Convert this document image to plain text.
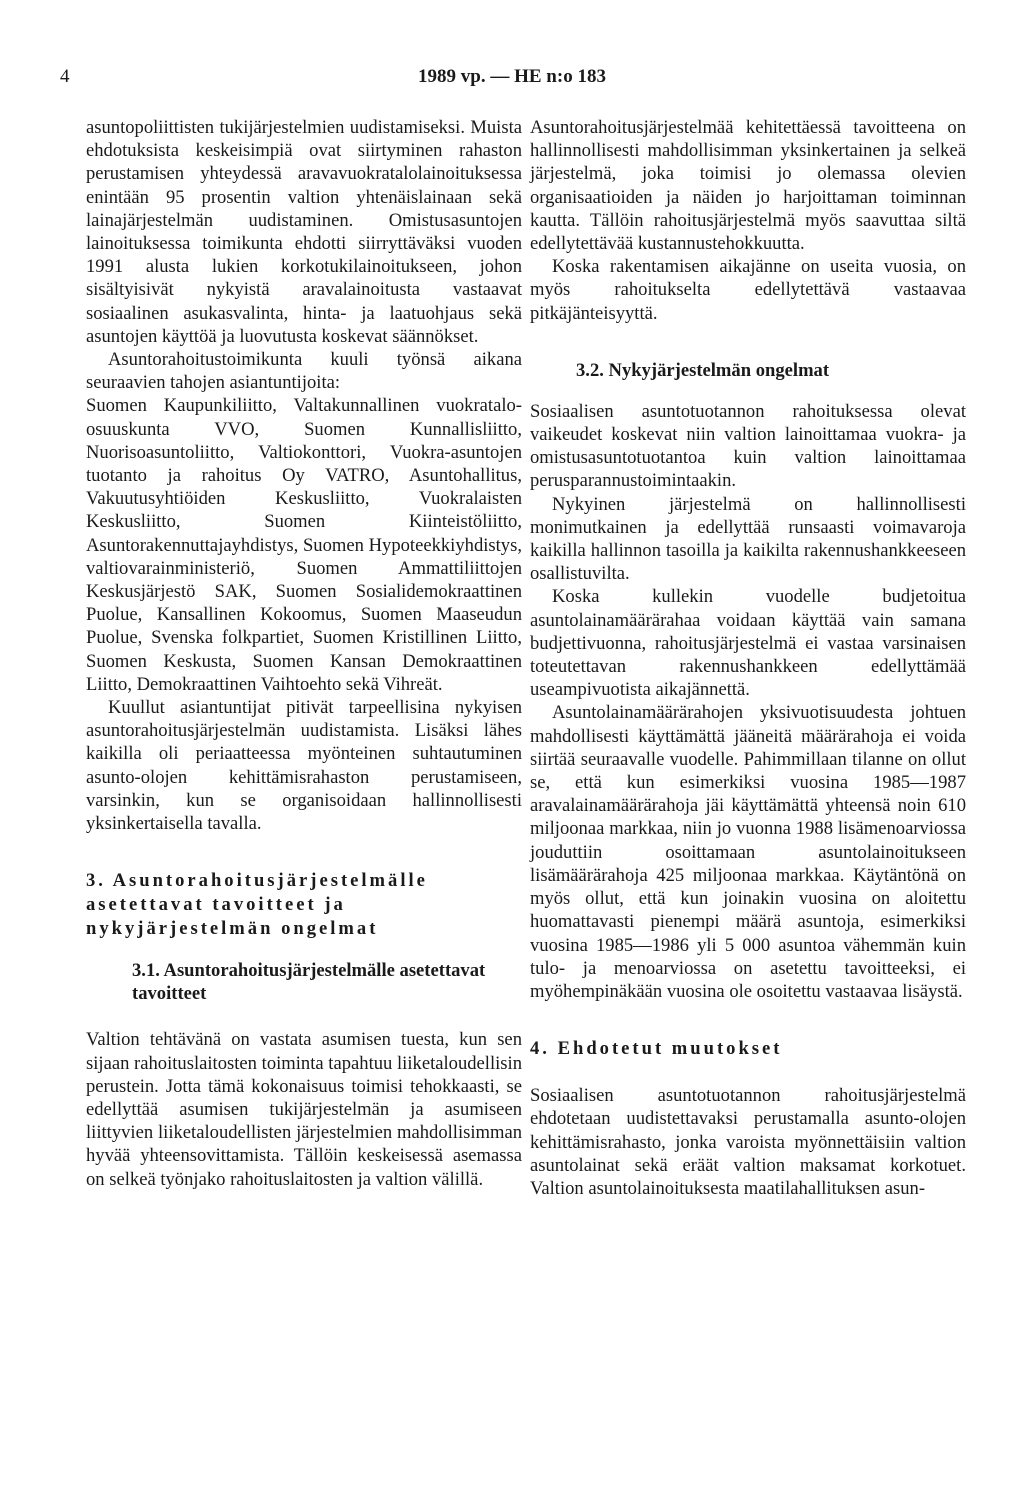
4	1989 vp. — HE n:o 183

asuntopoliittisten tukijärjestelmien uudistamiseksi. Muista ehdotuksista keskeisimpiä ovat siirtyminen rahaston perustamisen yhteydessä aravavuokratalolainoituksessa enintään 95 prosentin valtion yhtenäislainaan sekä lainajärjestelmän uudistaminen. Omistusasuntojen lainoituksessa toimikunta ehdotti siirryttäväksi vuoden 1991 alusta lukien korkotukilainoitukseen, johon sisältyisivät nykyistä aravalainoitusta vastaavat sosiaalinen asukasvalinta, hinta- ja laatuohjaus sekä asuntojen käyttöä ja luovutusta koskevat säännökset.

Asuntorahoitustoimikunta kuuli työnsä aikana seuraavien tahojen asiantuntijoita:

Suomen Kaupunkiliitto, Valtakunnallinen vuokratalo-osuuskunta VVO, Suomen Kunnallisliitto, Nuorisoasuntoliitto, Valtiokonttori, Vuokra-asuntojen tuotanto ja rahoitus Oy VATRO, Asuntohallitus, Vakuutusyhtiöiden Keskusliitto, Vuokralaisten Keskusliitto, Suomen Kiinteistöliitto, Asuntorakennuttajayhdistys, Suomen Hypoteekkiyhdistys, valtiovarainministeriö, Suomen Ammattiliittojen Keskusjärjestö SAK, Suomen Sosialidemokraattinen Puolue, Kansallinen Kokoomus, Suomen Maaseudun Puolue, Svenska folkpartiet, Suomen Kristillinen Liitto, Suomen Keskusta, Suomen Kansan Demokraattinen Liitto, Demokraattinen Vaihtoehto sekä Vihreät.

Kuullut asiantuntijat pitivät tarpeellisina nykyisen asuntorahoitusjärjestelmän uudistamista. Lisäksi lähes kaikilla oli periaatteessa myönteinen suhtautuminen asunto-olojen kehittämisrahaston perustamiseen, varsinkin, kun se organisoidaan hallinnollisesti yksinkertaisella tavalla.

3. Asuntorahoitusjärjestelmälle asetettavat tavoitteet ja nykyjärjestelmän ongelmat

3.1. Asuntorahoitusjärjestelmälle asetettavat tavoitteet

Valtion tehtävänä on vastata asumisen tuesta, kun sen sijaan rahoituslaitosten toiminta tapahtuu liiketaloudellisin perustein. Jotta tämä kokonaisuus toimisi tehokkaasti, se edellyttää asumisen tukijärjestelmän ja asumiseen liittyvien liiketaloudellisten järjestelmien mahdollisimman hyvää yhteensovittamista. Tällöin keskeisessä asemassa on selkeä työnjako rahoituslaitosten ja valtion välillä.

Asuntorahoitusjärjestelmää kehitettäessä tavoitteena on hallinnollisesti mahdollisimman yksinkertainen ja selkeä järjestelmä, joka toimisi jo olemassa olevien organisaatioiden ja näiden jo harjoittaman toiminnan kautta. Tällöin rahoitusjärjestelmä myös saavuttaa siltä edellytettävää kustannustehokkuutta.

Koska rakentamisen aikajänne on useita vuosia, on myös rahoitukselta edellytettävä vastaavaa pitkäjänteisyyttä.

3.2. Nykyjärjestelmän ongelmat

Sosiaalisen asuntotuotannon rahoituksessa olevat vaikeudet koskevat niin valtion lainoittamaa vuokra- ja omistusasuntotuotantoa kuin valtion lainoittamaa perusparannustoimintaakin.

Nykyinen järjestelmä on hallinnollisesti monimutkainen ja edellyttää runsaasti voimavaroja kaikilla hallinnon tasoilla ja kaikilta rakennushankkeeseen osallistuvilta.

Koska kullekin vuodelle budjetoitua asuntolainamäärärahaa voidaan käyttää vain samana budjettivuonna, rahoitusjärjestelmä ei vastaa varsinaisen toteutettavan rakennushankkeen edellyttämää useampivuotista aikajännettä.

Asuntolainamäärärahojen yksivuotisuudesta johtuen mahdollisesti käyttämättä jääneitä määrärahoja ei voida siirtää seuraavalle vuodelle. Pahimmillaan tilanne on ollut se, että kun esimerkiksi vuosina 1985—1987 aravalainamäärärahoja jäi käyttämättä yhteensä noin 610 miljoonaa markkaa, niin jo vuonna 1988 lisämenoarviossa jouduttiin osoittamaan asuntolainoitukseen lisämäärärahoja 425 miljoonaa markkaa. Käytäntönä on myös ollut, että kun joinakin vuosina on aloitettu huomattavasti pienempi määrä asuntoja, esimerkiksi vuosina 1985—1986 yli 5 000 asuntoa vähemmän kuin tulo- ja menoarviossa on asetettu tavoitteeksi, ei myöhempinäkään vuosina ole osoitettu vastaavaa lisäystä.

4. Ehdotetut muutokset

Sosiaalisen asuntotuotannon rahoitusjärjestelmä ehdotetaan uudistettavaksi perustamalla asunto-olojen kehittämisrahasto, jonka varoista myönnettäisiin valtion asuntolainat sekä eräät valtion maksamat korkotuet. Valtion asuntolainoituksesta maatilahallituksen asun-
